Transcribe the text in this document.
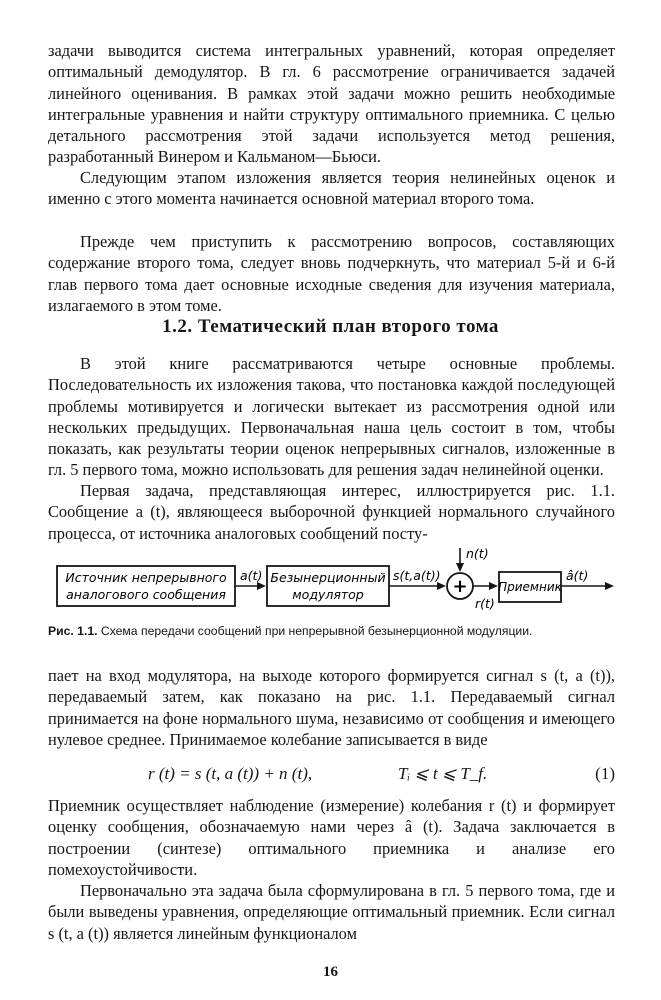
задачи выводится система интегральных уравнений, которая определяет оптимальный демодулятор. В гл. 6 рассмотрение ограничивается задачей линейного оценивания. В рамках этой задачи можно решить необходимые интегральные уравнения и найти структуру оптимального приемника. С целью детального рассмотрения этой задачи используется метод решения, разработанный Винером и Кальманом—Бьюси.

Следующим этапом изложения является теория нелинейных оценок и именно с этого момента начинается основной материал второго тома.

Прежде чем приступить к рассмотрению вопросов, составляющих содержание второго тома, следует вновь подчеркнуть, что материал 5-й и 6-й глав первого тома дает основные исходные сведения для изучения материала, излагаемого в этом томе.

1.2. Тематический план второго тома

В этой книге рассматриваются четыре основные проблемы. Последовательность их изложения такова, что постановка каждой последующей проблемы мотивируется и логически вытекает из рассмотрения одной или нескольких предыдущих. Первоначальная наша цель состоит в том, чтобы показать, как результаты теории оценок непрерывных сигналов, изложенные в гл. 5 первого тома, можно использовать для решения задач нелинейной оценки.

Первая задача, представляющая интерес, иллюстрируется рис. 1.1. Сообщение a (t), являющееся выборочной функцией нормального случайного процесса, от источника аналоговых сообщений посту-

Источник непрерывного
аналогового сообщения
a(t) Безынерционный
модулятор
s(t,a(t))
n(t)
+
r(t)
Приемник
â(t)
Рис. 1.1. Схема передачи сообщений при непрерывной безынерционной модуляции.

пает на вход модулятора, на выходе которого формируется сигнал s (t, a (t)), передаваемый затем, как показано на рис. 1.1. Передаваемый сигнал принимается на фоне нормального шума, независимо от сообщения и имеющего нулевое среднее. Принимаемое колебание записывается в виде

r (t) = s (t, a (t)) + n (t),	Tᵢ ⩽ t ⩽ T_f.	(1)

Приемник осуществляет наблюдение (измерение) колебания r (t) и формирует оценку сообщения, обозначаемую нами через â (t). Задача заключается в построении (синтезе) оптимального приемника и анализе его помехоустойчивости.

Первоначально эта задача была сформулирована в гл. 5 первого тома, где и были выведены уравнения, определяющие оптимальный приемник. Если сигнал s (t, a (t)) является линейным функционалом

16
